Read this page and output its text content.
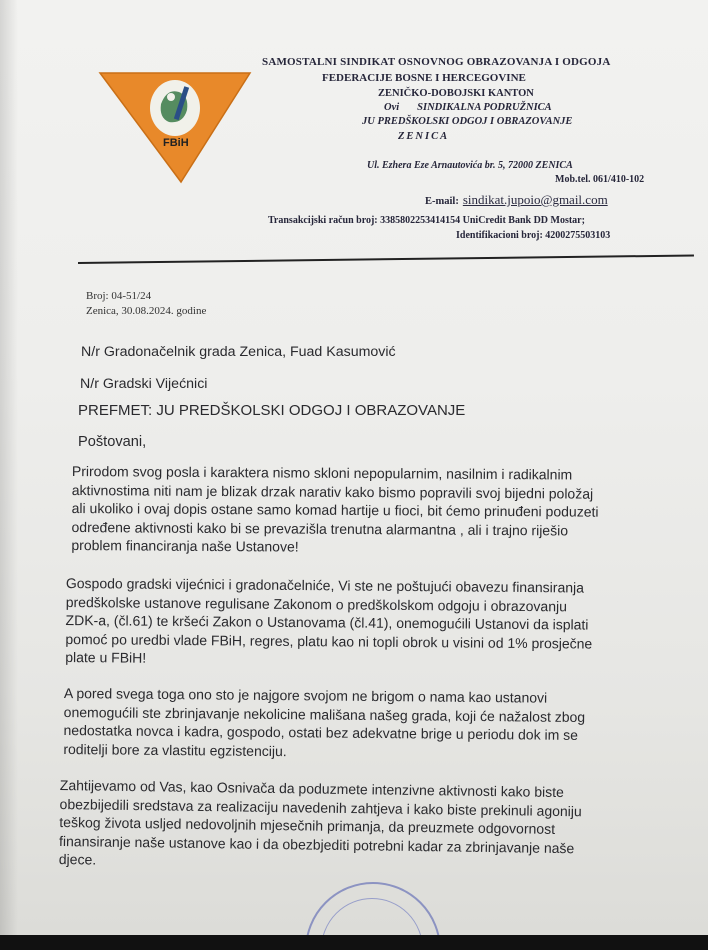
FBiH
SAMOSTALNI SINDIKAT OSNOVNOG OBRAZOVANJA I ODGOJA
FEDERACIJE BOSNE I HERCEGOVINE
ZENIČKO-DOBOJSKI KANTON
Ovi SINDIKALNA PODRUŽNICA
JU PREDŠKOLSKI ODGOJ I OBRAZOVANJE
ZENICA
Ul. Ezhera Eze Arnautovića br. 5, 72000 ZENICA
Mob.tel. 061/410-102
E-mail: sindikat.jupoio@gmail.com
Transakcijski račun broj: 3385802253414154 UniCredit Bank DD Mostar;
Identifikacioni broj: 4200275503103
Broj: 04-51/24
Zenica, 30.08.2024. godine
N/r Gradonačelnik grada Zenica, Fuad Kasumović
N/r Gradski Vijećnici
PREFMET: JU PREDŠKOLSKI ODGOJ I OBRAZOVANJE
Poštovani,
Prirodom svog posla i karaktera nismo skloni nepopularnim, nasilnim i radikalnim
aktivnostima niti nam je blizak drzak narativ kako bismo popravili svoj bijedni položaj
ali ukoliko i ovaj dopis ostane samo komad hartije u fioci, bit ćemo prinuđeni poduzeti
određene aktivnosti kako bi se prevazišla trenutna alarmantna , ali i trajno riješio
problem financiranja naše Ustanove!
Gospodo gradski vijećnici i gradonačelniće, Vi ste ne poštujući obavezu finansiranja
predškolske ustanove regulisane Zakonom o predškolskom odgoju i obrazovanju
ZDK-a, (čl.61) te kršeći Zakon o Ustanovama (čl.41), onemogućili Ustanovi da isplati
pomoć po uredbi vlade FBiH, regres, platu kao ni topli obrok u visini od 1% prosječne
plate u FBiH!
A pored svega toga ono sto je najgore svojom ne brigom o nama kao ustanovi
onemogućili ste zbrinjavanje nekolicine mališana našeg grada, koji će nažalost zbog
nedostatka novca i kadra, gospodo, ostati bez adekvatne brige u periodu dok im se
roditelji bore za vlastitu egzistenciju.
Zahtijevamo od Vas, kao Osnivača da poduzmete intenzivne aktivnosti kako biste
obezbijedili sredstava za realizaciju navedenih zahtjeva i kako biste prekinuli agoniju
teškog života usljed nedovoljnih mjesečnih primanja, da preuzmete odgovornost
finansiranje naše ustanove kao i da obezbjediti potrebni kadar za zbrinjavanje naše
djece.
